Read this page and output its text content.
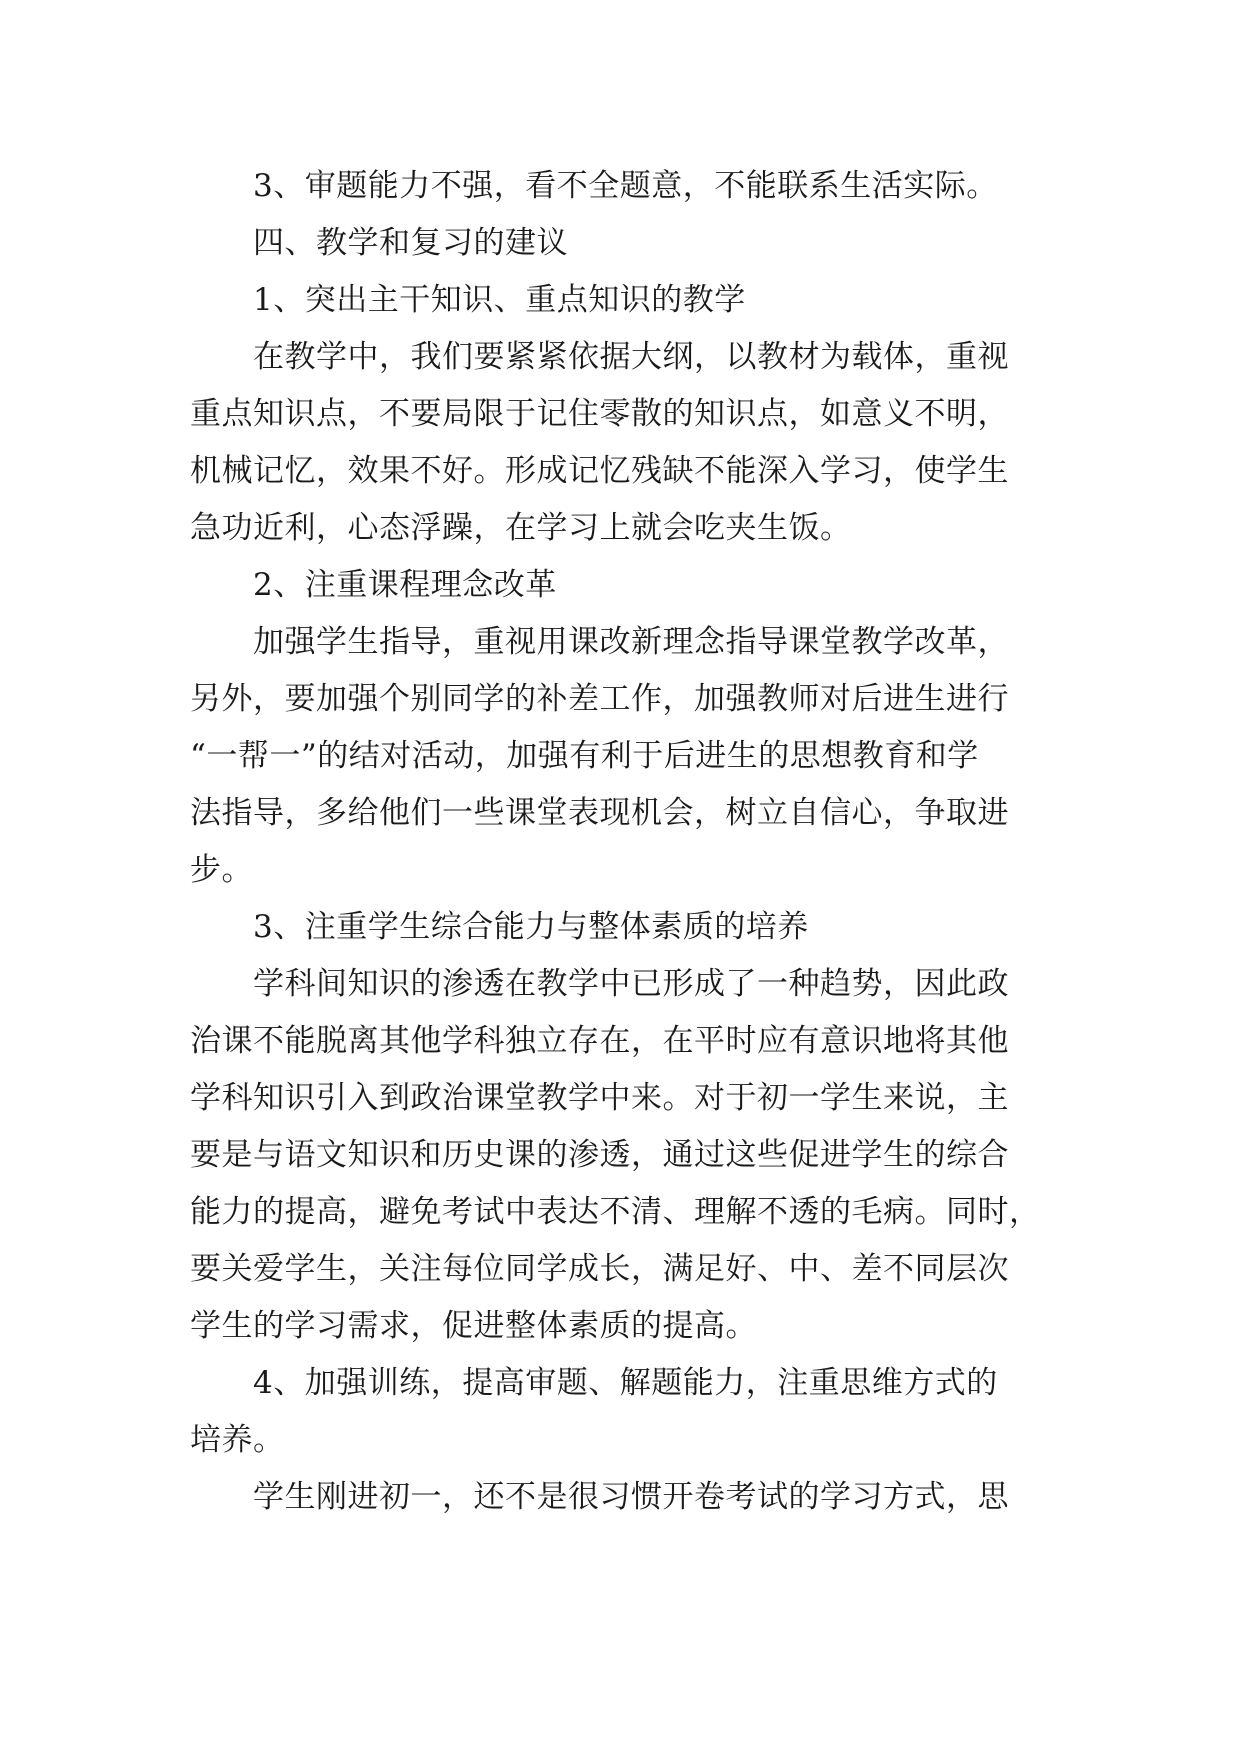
3、审题能力不强，看不全题意，不能联系生活实际。
四、教学和复习的建议
1、突出主干知识、重点知识的教学
在教学中，我们要紧紧依据大纲，以教材为载体，重视
重点知识点，不要局限于记住零散的知识点，如意义不明，
机械记忆，效果不好。形成记忆残缺不能深入学习，使学生
急功近利，心态浮躁，在学习上就会吃夹生饭。
2、注重课程理念改革
加强学生指导，重视用课改新理念指导课堂教学改革，
另外，要加强个别同学的补差工作，加强教师对后进生进行
“一帮一”的结对活动，加强有利于后进生的思想教育和学
法指导，多给他们一些课堂表现机会，树立自信心，争取进
步。
3、注重学生综合能力与整体素质的培养
学科间知识的渗透在教学中已形成了一种趋势，因此政
治课不能脱离其他学科独立存在，在平时应有意识地将其他
学科知识引入到政治课堂教学中来。对于初一学生来说，主
要是与语文知识和历史课的渗透，通过这些促进学生的综合
能力的提高，避免考试中表达不清、理解不透的毛病。同时，
要关爱学生，关注每位同学成长，满足好、中、差不同层次
学生的学习需求，促进整体素质的提高。
4、加强训练，提高审题、解题能力，注重思维方式的
培养。
学生刚进初一，还不是很习惯开卷考试的学习方式，思
